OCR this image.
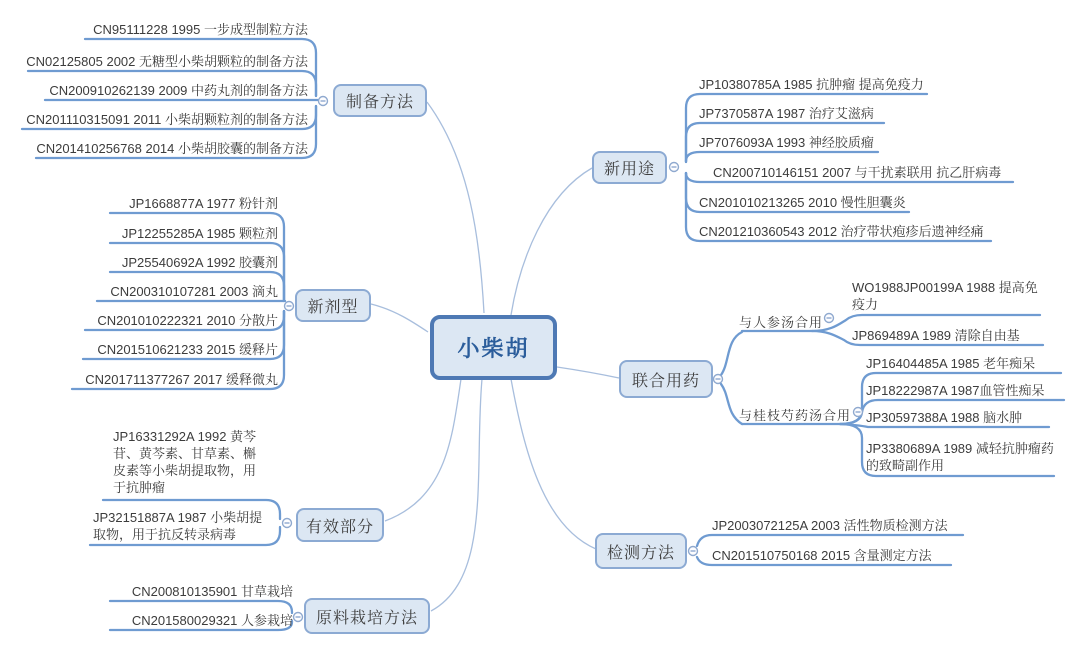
小柴胡
制备方法
新剂型
有效部分
原料栽培方法
新用途
联合用药
检测方法
CN95111228 1995 一步成型制粒方法
CN02125805 2002 无糖型小柴胡颗粒的制备方法
CN200910262139 2009 中药丸剂的制备方法
CN201110315091 2011 小柴胡颗粒剂的制备方法
CN201410256768 2014 小柴胡胶囊的制备方法
JP1668877A 1977 粉针剂
JP12255285A 1985 颗粒剂
JP25540692A 1992 胶囊剂
CN200310107281 2003 滴丸
CN201010222321 2010 分散片
CN201510621233 2015 缓释片
CN201711377267 2017 缓释微丸
JP16331292A 1992 黄芩苷、黄芩素、甘草素、槲皮素等小柴胡提取物，用于抗肿瘤
JP32151887A 1987 小柴胡提取物，用于抗反转录病毒
CN200810135901 甘草栽培
CN201580029321 人参栽培
JP10380785A 1985 抗肿瘤 提高免疫力
JP7370587A 1987 治疗艾滋病
JP7076093A 1993 神经胶质瘤
CN200710146151 2007 与干扰素联用 抗乙肝病毒
CN201010213265 2010 慢性胆囊炎
CN201210360543 2012 治疗带状疱疹后遗神经痛
与人参汤合用
与桂枝芍药汤合用
WO1988JP00199A 1988 提高免疫力
JP869489A 1989 清除自由基
JP16404485A 1985 老年痴呆
JP18222987A 1987血管性痴呆
JP30597388A 1988 脑水肿
JP3380689A 1989 减轻抗肿瘤药的致畸副作用
JP2003072125A 2003 活性物质检测方法
CN201510750168 2015 含量测定方法
